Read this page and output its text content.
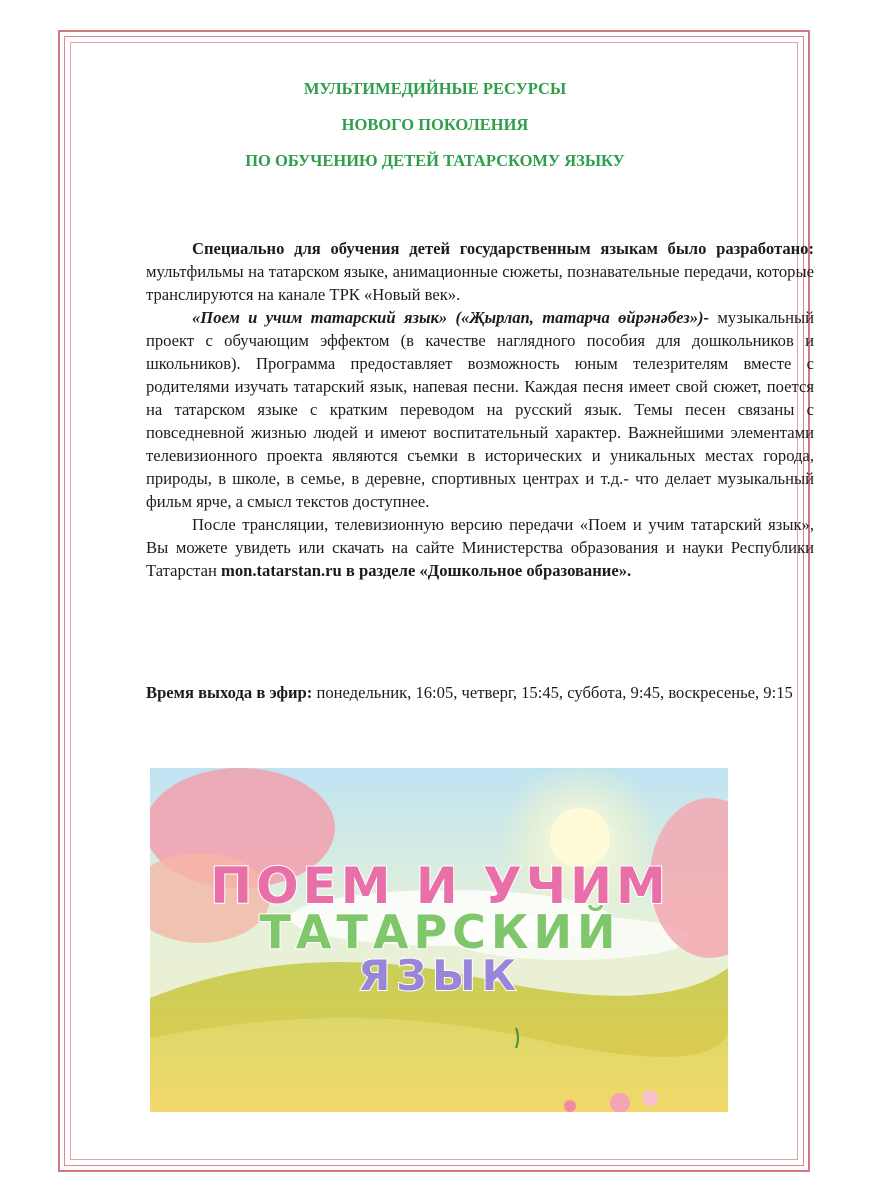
МУЛЬТИМЕДИЙНЫЕ РЕСУРСЫ
НОВОГО ПОКОЛЕНИЯ
ПО ОБУЧЕНИЮ ДЕТЕЙ ТАТАРСКОМУ ЯЗЫКУ

Специально для обучения детей государственным языкам было разработано: мультфильмы на татарском языке, анимационные сюжеты, познавательные передачи, которые транслируются на канале ТРК «Новый век».

«Поем и учим татарский язык» («Җырлап, татарча өйрәнәбез»)- музыкальный проект с обучающим эффектом (в качестве наглядного пособия для дошкольников и школьников). Программа предоставляет возможность юным телезрителям вместе с родителями изучать татарский язык, напевая песни. Каждая песня имеет свой сюжет, поется на татарском языке с кратким переводом на русский язык. Темы песен связаны с повседневной жизнью людей и имеют воспитательный характер. Важнейшими элементами телевизионного проекта являются съемки в исторических и уникальных местах города, природы, в школе, в семье, в деревне, спортивных центрах и т.д.- что делает музыкальный фильм ярче, а смысл текстов доступнее.

После трансляции, телевизионную версию передачи «Поем и учим татарский язык», Вы можете увидеть или скачать на сайте Министерства образования и науки Республики Татарстан mon.tatarstan.ru в разделе «Дошкольное образование».

Время выхода в эфир: понедельник, 16:05, четверг, 15:45, суббота, 9:45, воскресенье, 9:15
ПОЕМ И УЧИМ
ТАТАРСКИЙ
ЯЗЫК
